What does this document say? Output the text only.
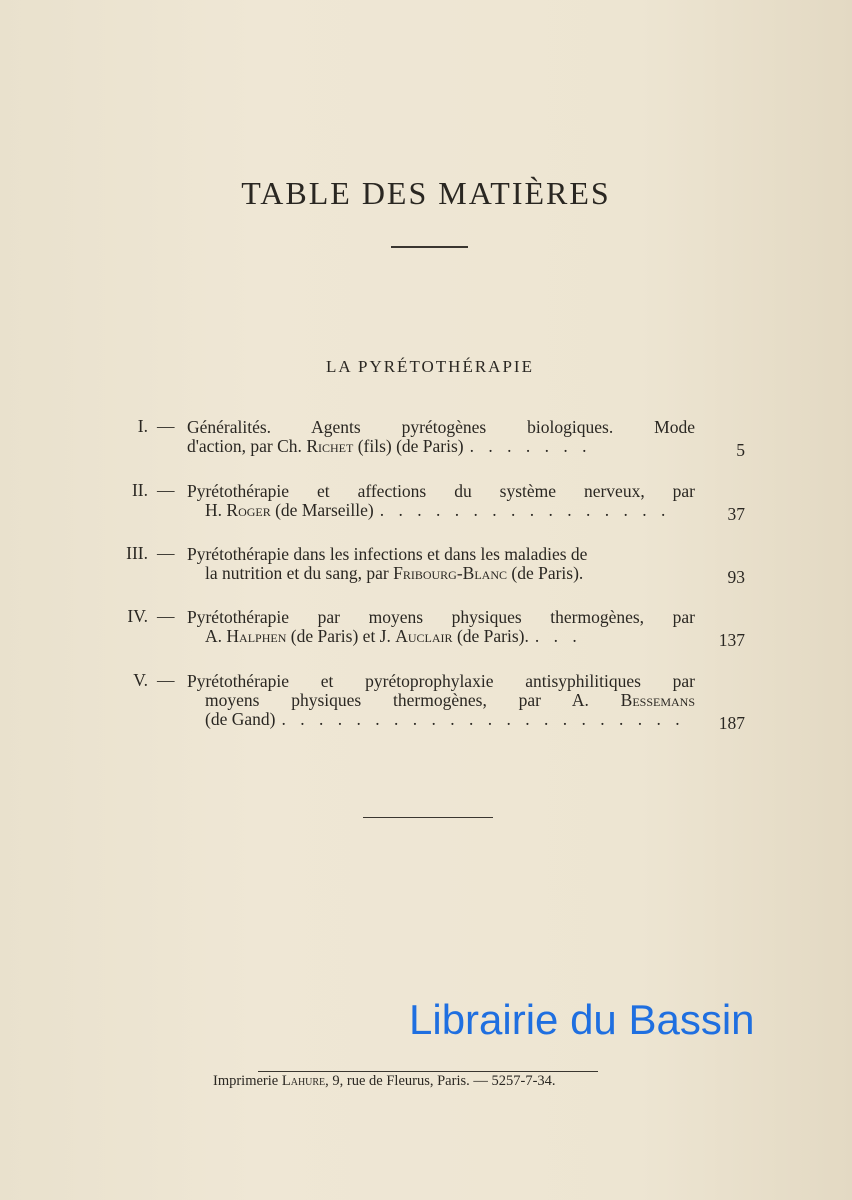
TABLE DES MATIÈRES
LA PYRÉTOTHÉRAPIE
I. — Généralités. Agents pyrétogènes biologiques. Mode
d'action, par Ch. Richet (fils) (de Paris) . . . . . . .	5
II. — Pyrétothérapie et affections du système nerveux, par
H. Roger (de Marseille) . . . . . . . . . . . . . . . .	37
III. — Pyrétothérapie dans les infections et dans les maladies de
la nutrition et du sang, par Fribourg-Blanc (de Paris).	93
IV. — Pyrétothérapie par moyens physiques thermogènes, par
A. Halphen (de Paris) et J. Auclair (de Paris). . . .	137
V. — Pyrétothérapie et pyrétoprophylaxie antisyphilitiques par
moyens physiques thermogènes, par A. Bessemans
(de Gand) . . . . . . . . . . . . . . . . . . . . . .	187
Librairie du Bassin
Imprimerie Lahure, 9, rue de Fleurus, Paris. — 5257-7-34.
